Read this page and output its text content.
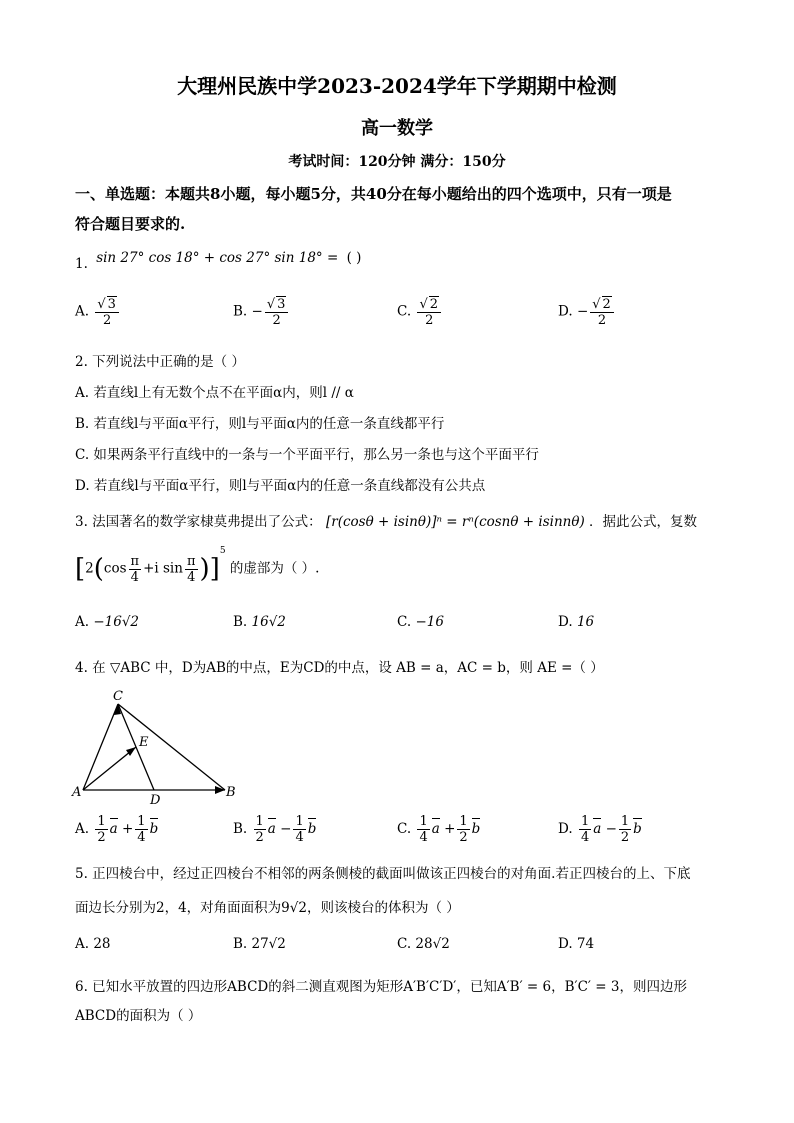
大理州民族中学2023-2024学年下学期期中检测
高一数学
考试时间：120分钟 满分：150分
一、单选题：本题共8小题，每小题5分，共40分在每小题给出的四个选项中，只有一项是
符合题目要求的.
1. sin 27° cos 18° + cos 27° sin 18° = ( )
A. $\frac{√ 3}{2}$	B. − $\frac{√ 3}{2}$	C. $\frac{√ 2}{2}$	D. − $\frac{√ 2}{2}$
2. 下列说法中正确的是（ ）
A. 若直线l上有无数个点不在平面α内，则l // α
B. 若直线l与平面α平行，则l与平面α内的任意一条直线都平行
C. 如果两条平行直线中的一条与一个平面平行，那么另一条也与这个平面平行
D. 若直线l与平面α平行，则l与平面α内的任意一条直线都没有公共点
3. 法国著名的数学家棣莫弗提出了公式： [r(cosθ + isinθ)]ⁿ = rⁿ(cosnθ + isinnθ) ．据此公式，复数
[$2(\cos \frac{\pi}{4} +i$ $\sin \frac{\pi}{4} )]^5$ 的虚部为（ ）.
A. −16√2	B. 16√2	C. −16	D. 16
4. 在 ▽ABC 中，D为AB的中点，E为CD的中点，设 AB = a，AC = b，则 AE =（ ）
C
E
A
D
B
A. $\frac{1}{2}$ $a + \frac{1}{4}$ b	B. $\frac{1}{2}$ $a - \frac{1}{4}$ b	C. $\frac{1}{4}$ $a + \frac{1}{2}$ b	D. $\frac{1}{4}$ $a - \frac{1}{2}$ b
5. 正四棱台中，经过正四棱台不相邻的两条侧棱的截面叫做该正四棱台的对角面.若正四棱台的上、下底
面边长分别为2，4，对角面面积为9√2，则该棱台的体积为（ ）
A. 28	B. 27√2	C. 28√2	D. 74
6. 已知水平放置的四边形ABCD的斜二测直观图为矩形A′B′C′D′，已知A′B′ = 6，B′C′ = 3，则四边形
ABCD的面积为（ ）
